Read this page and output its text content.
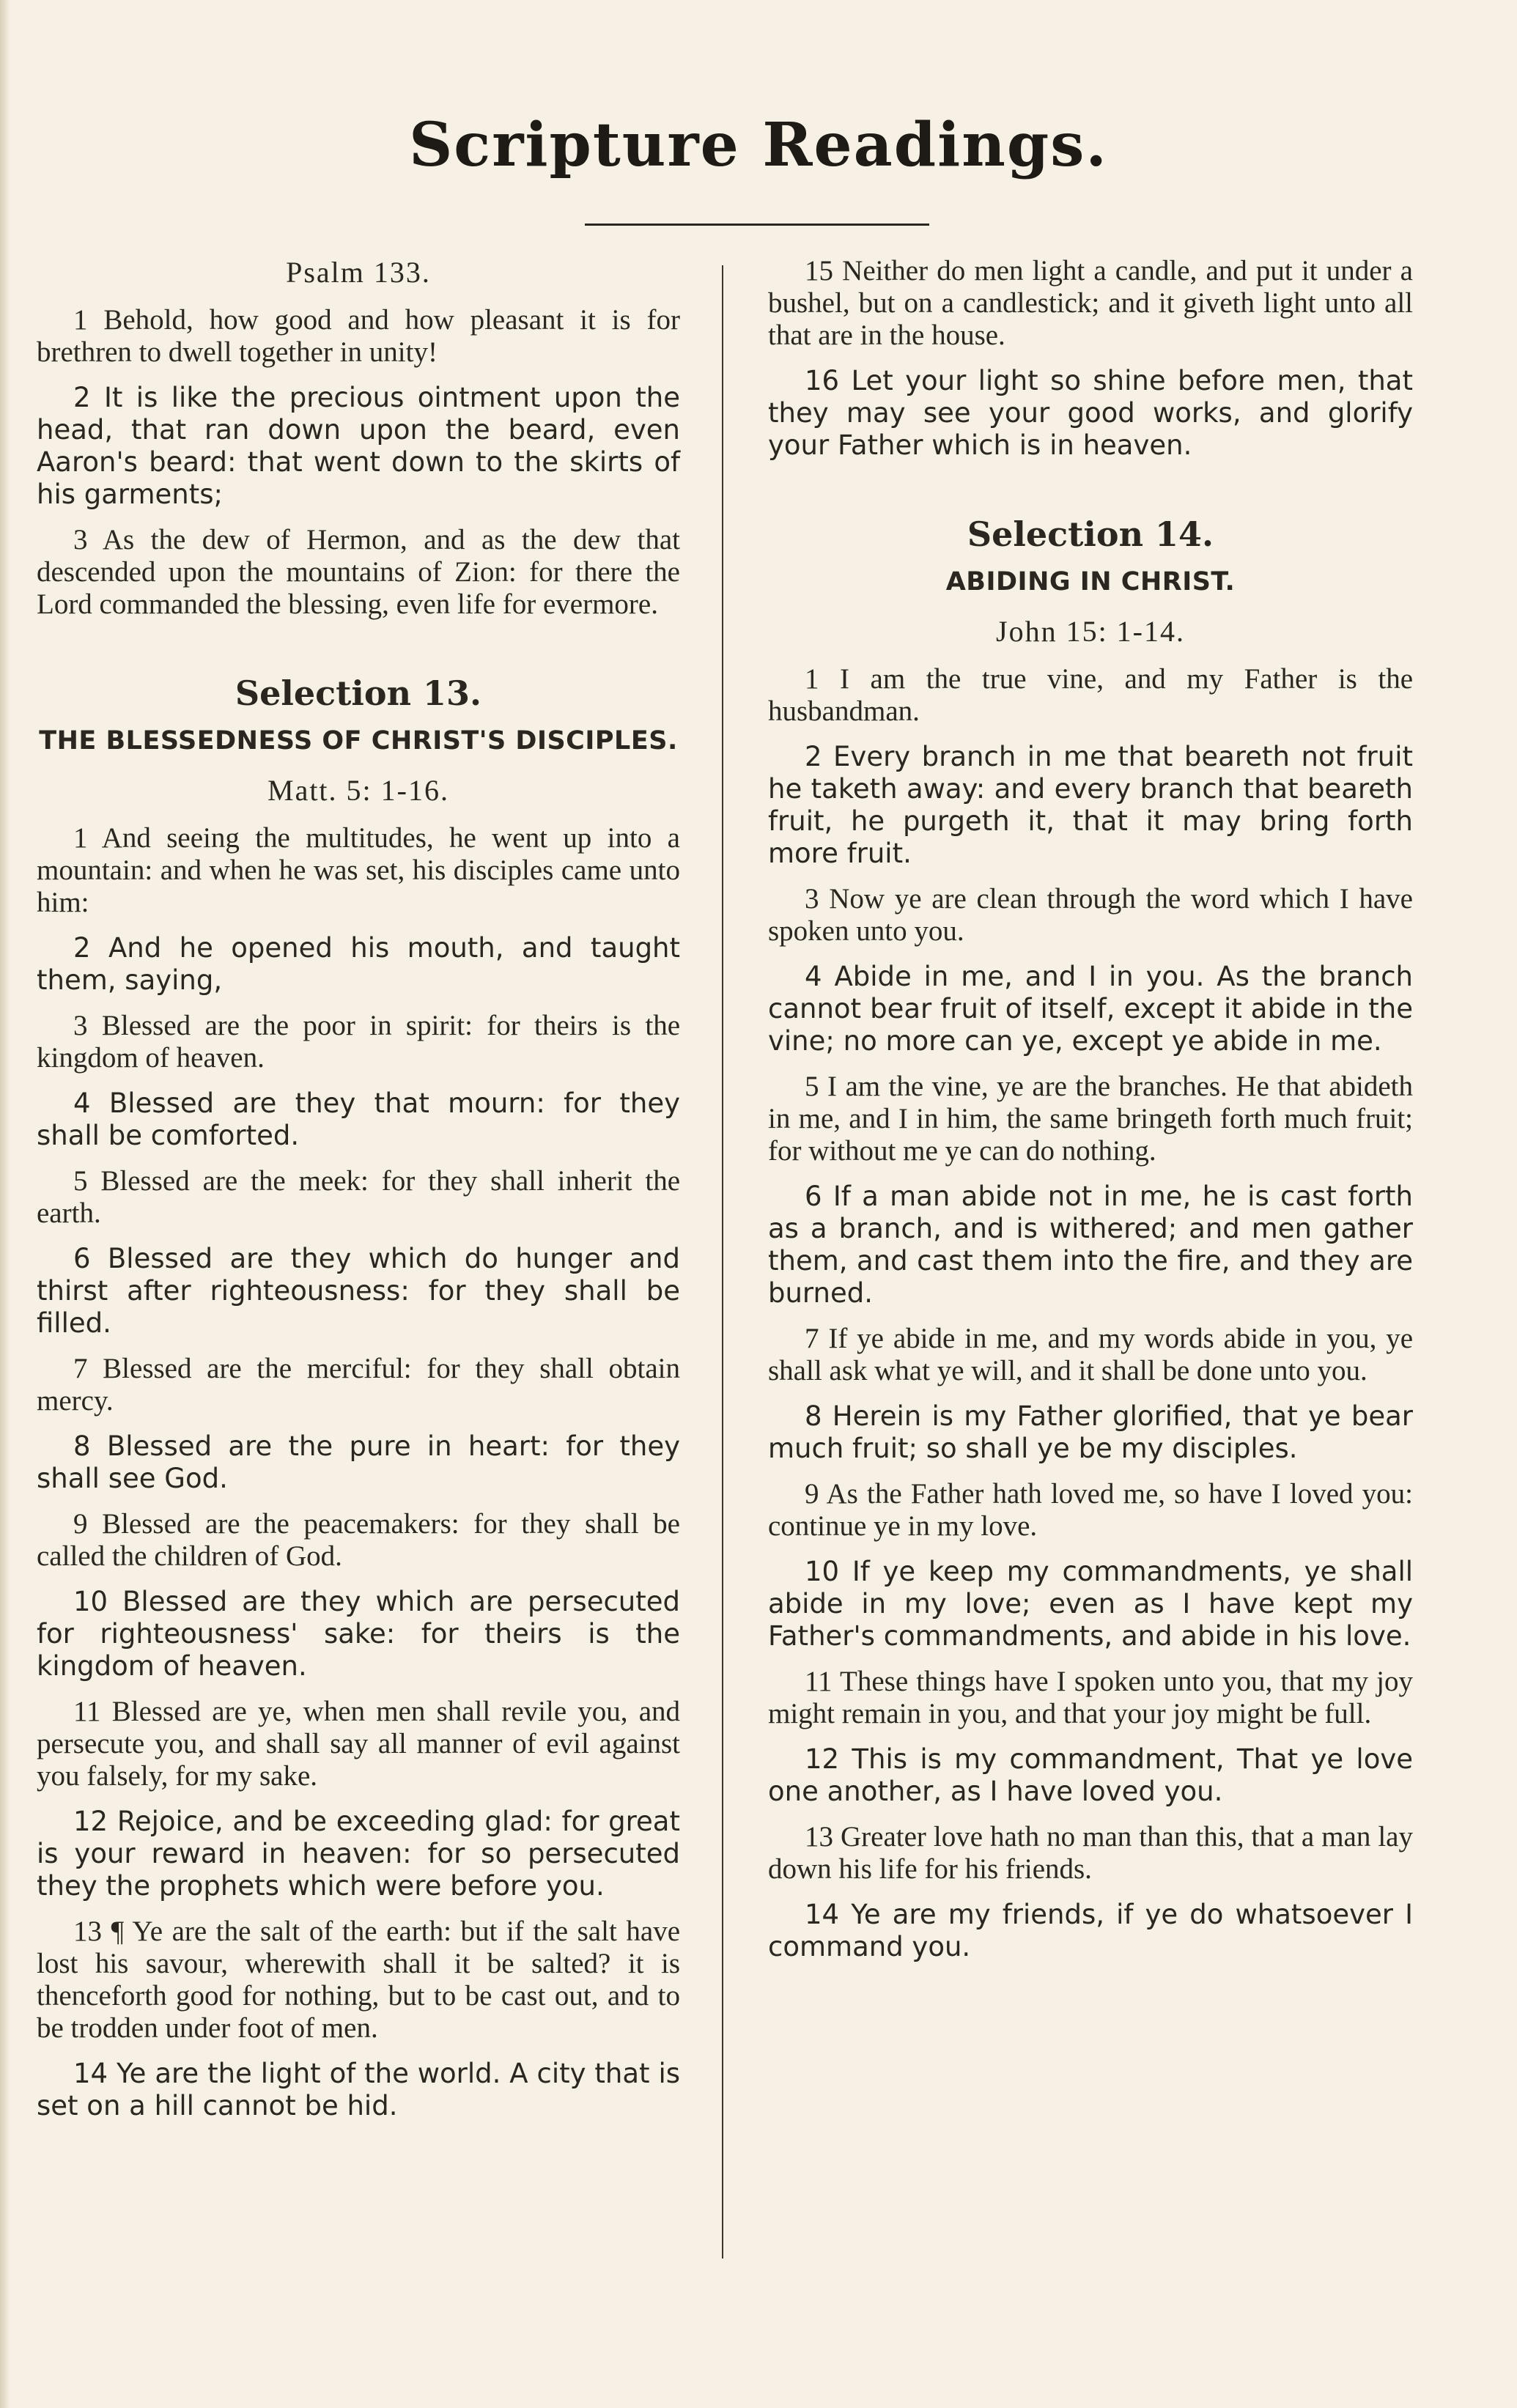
Scripture Readings.
Psalm 133.

1 Behold, how good and how pleasant it is for brethren to dwell together in unity!

2 It is like the precious ointment upon the head, that ran down upon the beard, even Aaron's beard: that went down to the skirts of his garments;

3 As the dew of Hermon, and as the dew that descended upon the mountains of Zion: for there the Lord commanded the blessing, even life for evermore.

Selection 13.
THE BLESSEDNESS OF CHRIST'S DISCIPLES.
Matt. 5: 1-16.

1 And seeing the multitudes, he went up into a mountain: and when he was set, his disciples came unto him:

2 And he opened his mouth, and taught them, saying,

3 Blessed are the poor in spirit: for theirs is the kingdom of heaven.

4 Blessed are they that mourn: for they shall be comforted.

5 Blessed are the meek: for they shall inherit the earth.

6 Blessed are they which do hunger and thirst after righteousness: for they shall be filled.

7 Blessed are the merciful: for they shall obtain mercy.

8 Blessed are the pure in heart: for they shall see God.

9 Blessed are the peacemakers: for they shall be called the children of God.

10 Blessed are they which are persecuted for righteousness' sake: for theirs is the kingdom of heaven.

11 Blessed are ye, when men shall revile you, and persecute you, and shall say all manner of evil against you falsely, for my sake.

12 Rejoice, and be exceeding glad: for great is your reward in heaven: for so persecuted they the prophets which were before you.

13 ¶ Ye are the salt of the earth: but if the salt have lost his savour, wherewith shall it be salted? it is thenceforth good for nothing, but to be cast out, and to be trodden under foot of men.

14 Ye are the light of the world. A city that is set on a hill cannot be hid.

15 Neither do men light a candle, and put it under a bushel, but on a candlestick; and it giveth light unto all that are in the house.

16 Let your light so shine before men, that they may see your good works, and glorify your Father which is in heaven.

Selection 14.
ABIDING IN CHRIST.
John 15: 1-14.

1 I am the true vine, and my Father is the husbandman.

2 Every branch in me that beareth not fruit he taketh away: and every branch that beareth fruit, he purgeth it, that it may bring forth more fruit.

3 Now ye are clean through the word which I have spoken unto you.

4 Abide in me, and I in you. As the branch cannot bear fruit of itself, except it abide in the vine; no more can ye, except ye abide in me.

5 I am the vine, ye are the branches. He that abideth in me, and I in him, the same bringeth forth much fruit; for without me ye can do nothing.

6 If a man abide not in me, he is cast forth as a branch, and is withered; and men gather them, and cast them into the fire, and they are burned.

7 If ye abide in me, and my words abide in you, ye shall ask what ye will, and it shall be done unto you.

8 Herein is my Father glorified, that ye bear much fruit; so shall ye be my disciples.

9 As the Father hath loved me, so have I loved you: continue ye in my love.

10 If ye keep my commandments, ye shall abide in my love; even as I have kept my Father's commandments, and abide in his love.

11 These things have I spoken unto you, that my joy might remain in you, and that your joy might be full.

12 This is my commandment, That ye love one another, as I have loved you.

13 Greater love hath no man than this, that a man lay down his life for his friends.

14 Ye are my friends, if ye do whatsoever I command you.
